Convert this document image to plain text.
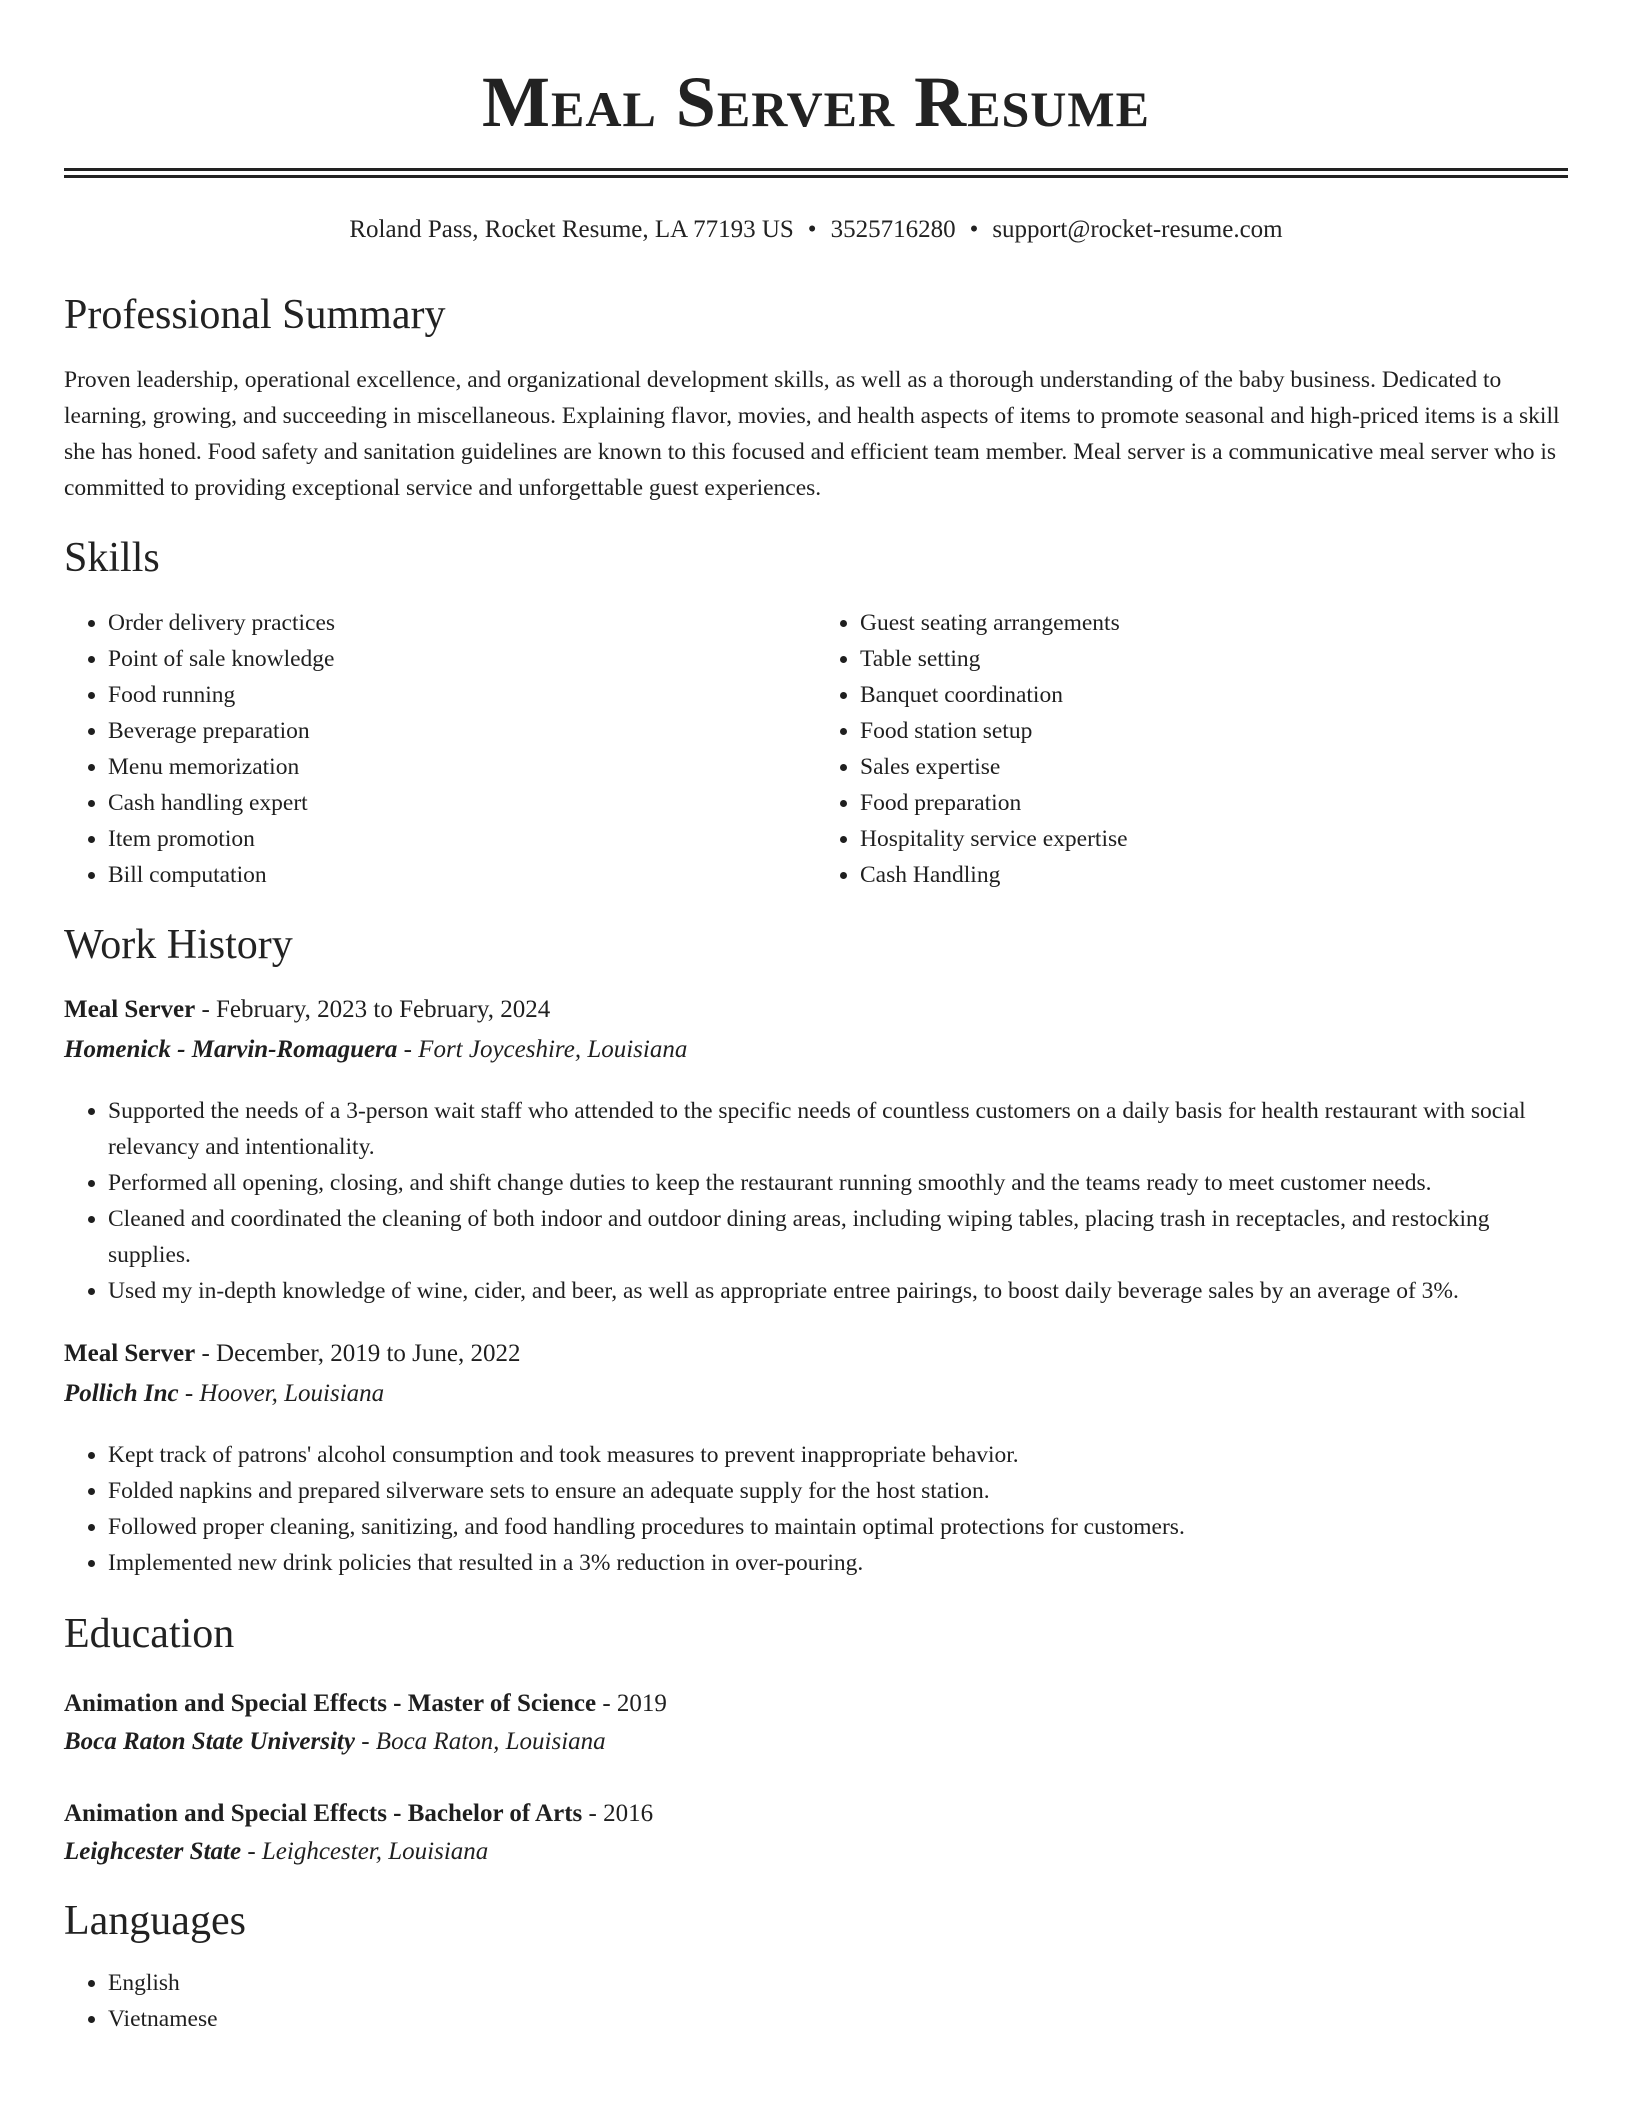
Meal Server Resume
Roland Pass, Rocket Resume, LA 77193 US • 3525716280 • support@rocket-resume.com
Professional Summary

Proven leadership, operational excellence, and organizational development skills, as well as a thorough understanding of the baby business. Dedicated to learning, growing, and succeeding in miscellaneous. Explaining flavor, movies, and health aspects of items to promote seasonal and high-priced items is a skill she has honed. Food safety and sanitation guidelines are known to this focused and efficient team member. Meal server is a communicative meal server who is committed to providing exceptional service and unforgettable guest experiences.

Skills
• Order delivery practices
• Point of sale knowledge
• Food running
• Beverage preparation
• Menu memorization
• Cash handling expert
• Item promotion
• Bill computation
• Guest seating arrangements
• Table setting
• Banquet coordination
• Food station setup
• Sales expertise
• Food preparation
• Hospitality service expertise
• Cash Handling
Work History
Meal Server - February, 2023 to February, 2024
Homenick - Marvin-Romaguera - Fort Joyceshire, Louisiana
• Supported the needs of a 3-person wait staff who attended to the specific needs of countless customers on a daily basis for health restaurant with social relevancy and intentionality.
• Performed all opening, closing, and shift change duties to keep the restaurant running smoothly and the teams ready to meet customer needs.
• Cleaned and coordinated the cleaning of both indoor and outdoor dining areas, including wiping tables, placing trash in receptacles, and restocking supplies.
• Used my in-depth knowledge of wine, cider, and beer, as well as appropriate entree pairings, to boost daily beverage sales by an average of 3%.
Meal Server - December, 2019 to June, 2022
Pollich Inc - Hoover, Louisiana
• Kept track of patrons' alcohol consumption and took measures to prevent inappropriate behavior.
• Folded napkins and prepared silverware sets to ensure an adequate supply for the host station.
• Followed proper cleaning, sanitizing, and food handling procedures to maintain optimal protections for customers.
• Implemented new drink policies that resulted in a 3% reduction in over-pouring.
Education
Animation and Special Effects - Master of Science - 2019
Boca Raton State University - Boca Raton, Louisiana
Animation and Special Effects - Bachelor of Arts - 2016
Leighcester State - Leighcester, Louisiana
Languages
• English
• Vietnamese
